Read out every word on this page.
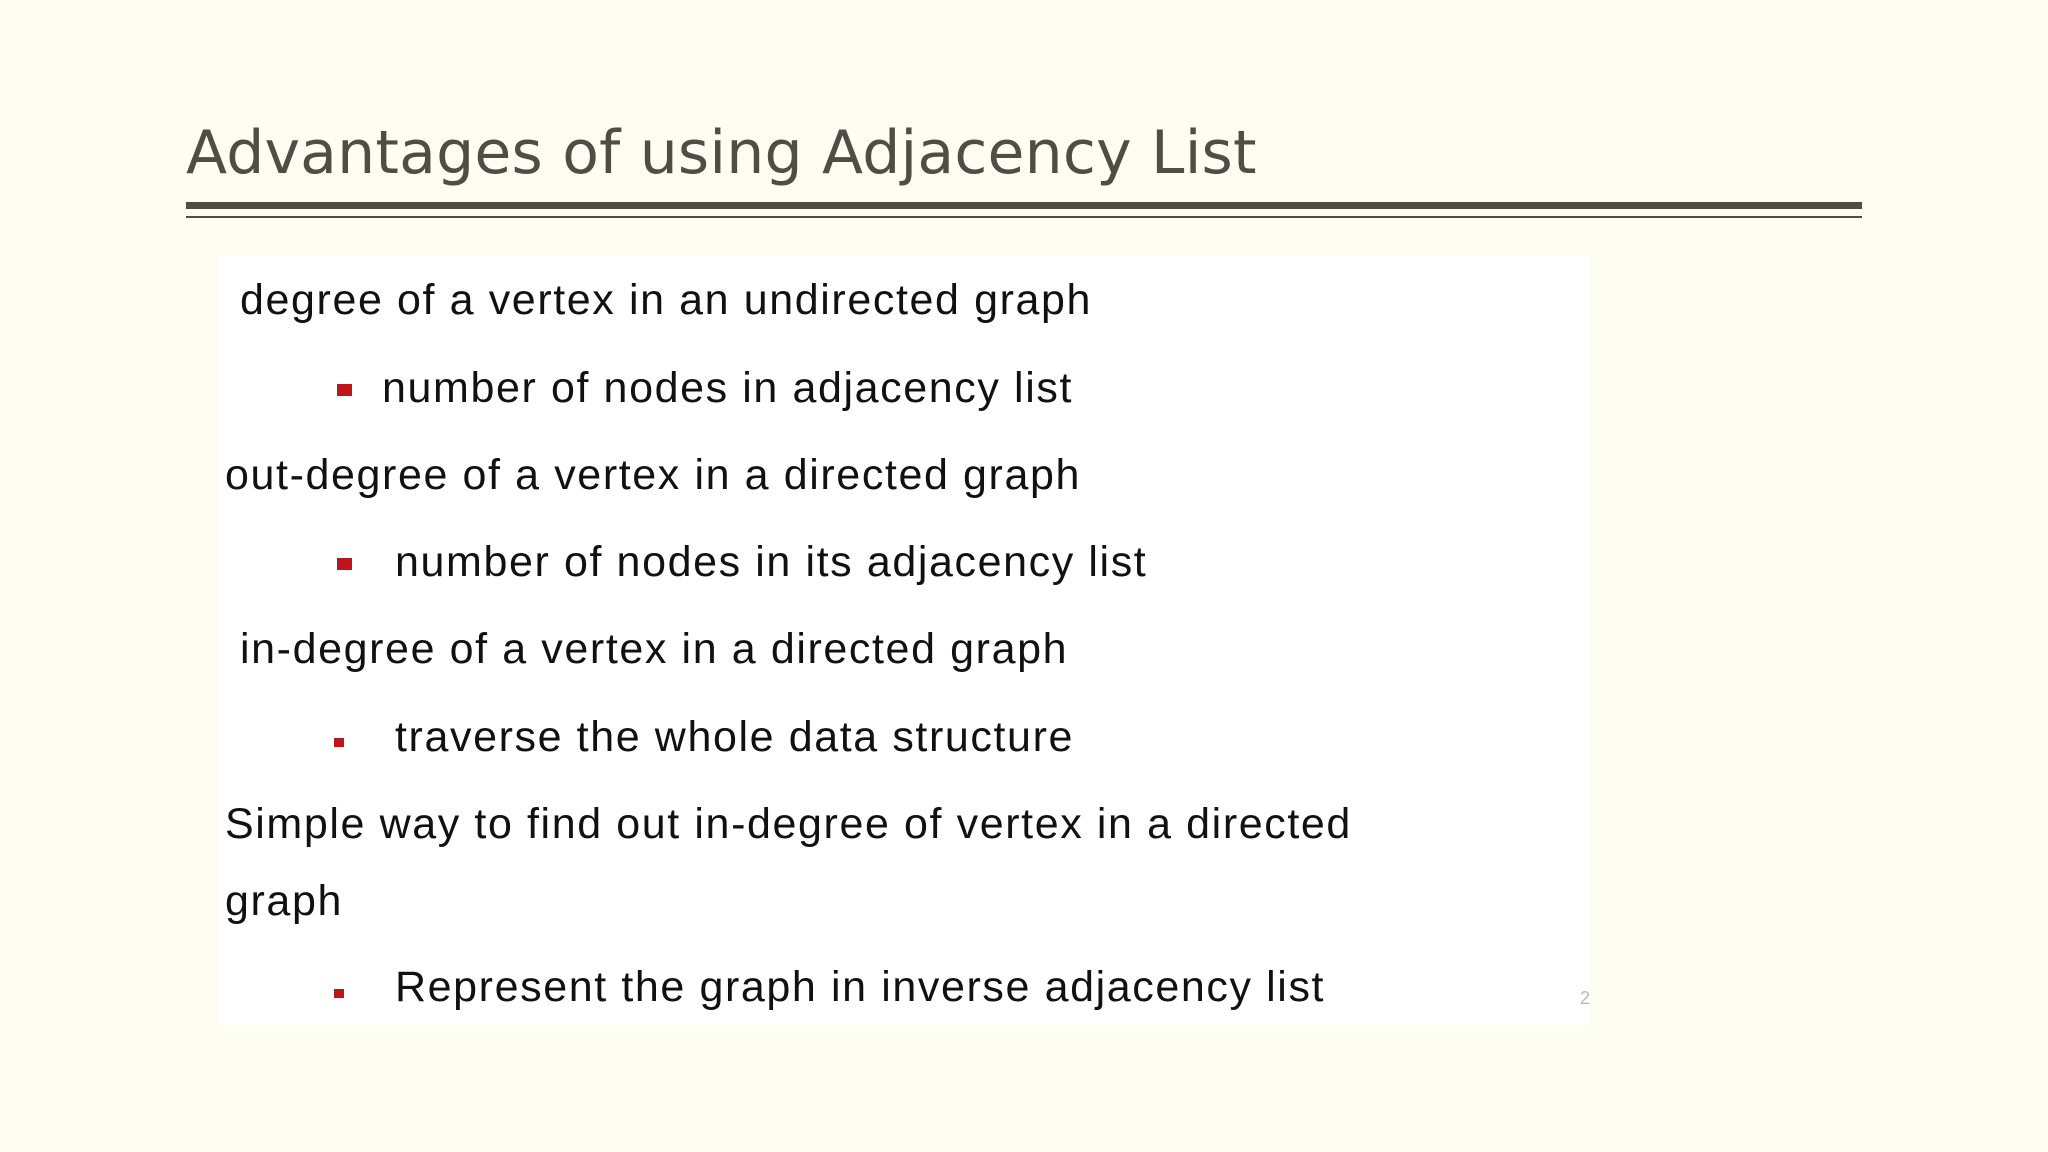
Advantages of using Adjacency List
degree of a vertex in an undirected graph
number of nodes in adjacency list
out-degree of a vertex in a directed graph
number of nodes in its adjacency list
in-degree of a vertex in a directed graph
traverse the whole data structure
Simple way to find out in-degree of vertex in a directed
graph
Represent the graph in inverse adjacency list	2
